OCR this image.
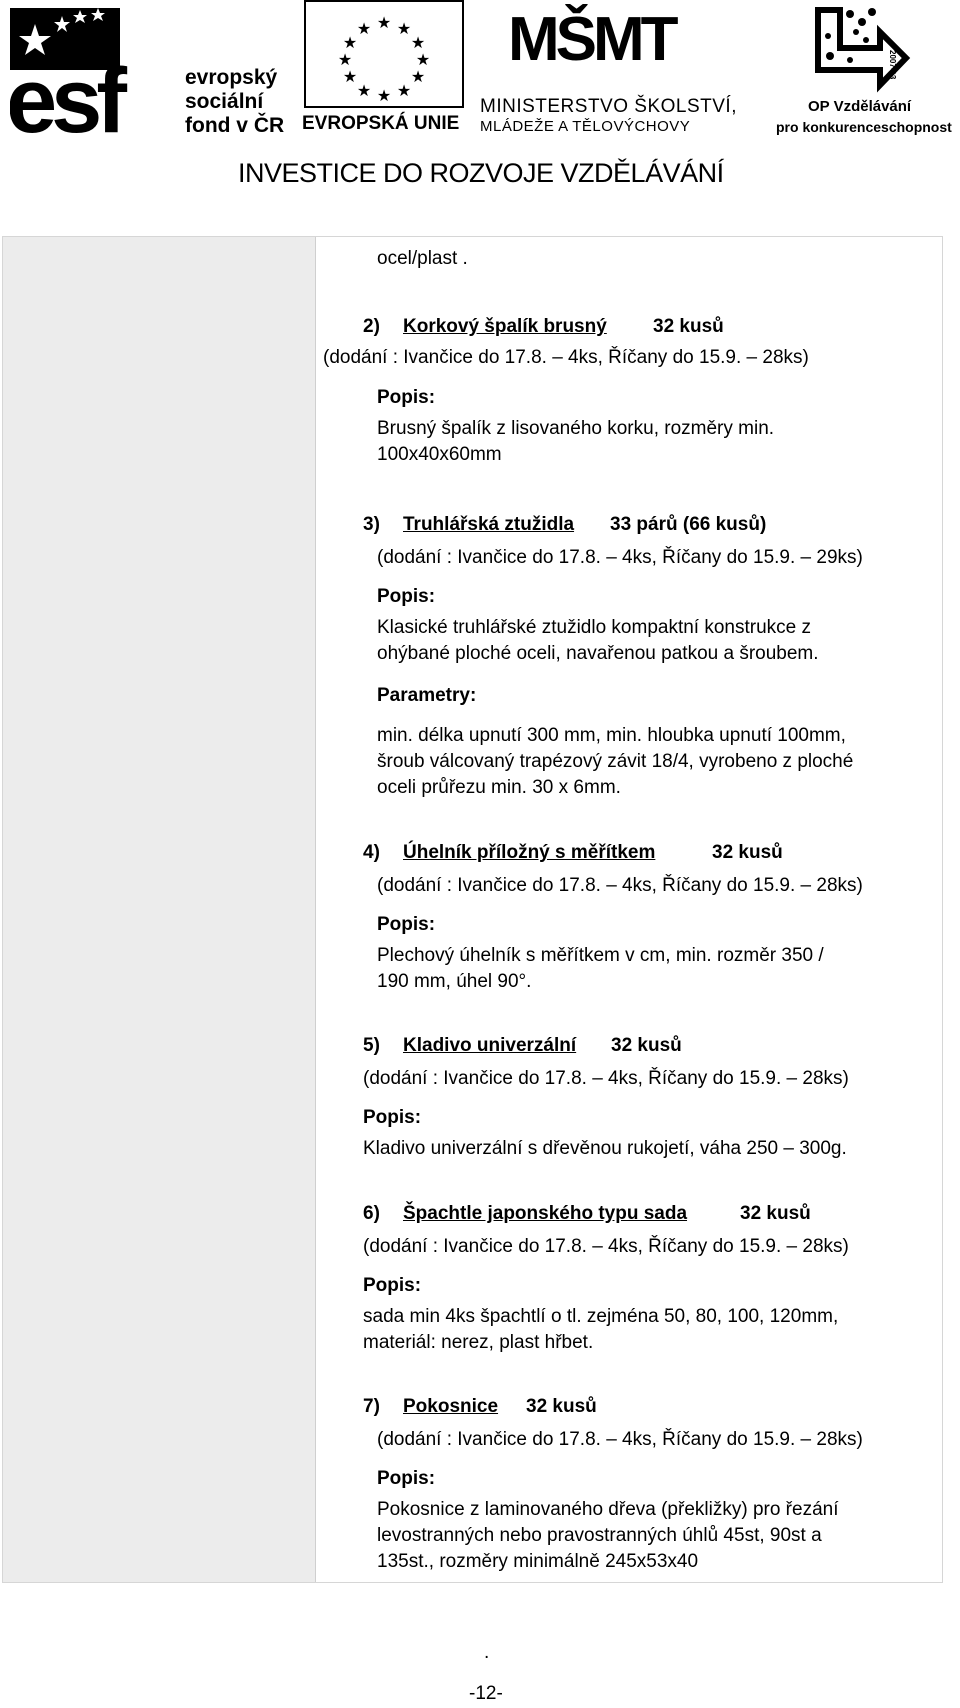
esf	evropský
sociální
fond v ČR
★ ★
★
★
★
★
★
★
★
★
★
★
EVROPSKÁ UNIE
MŠMT
MINISTERSTVO ŠKOLSTVÍ,
MLÁDEŽE A TĚLOVÝCHOVY
2007-13
OP Vzdělávání
pro konkurenceschopnost
INVESTICE DO ROZVOJE VZDĚLÁVÁNÍ
ocel/plast .
2) Korkový špalík brusný 32 kusů
(dodání : Ivančice do 17.8. – 4ks, Říčany do 15.9. – 28ks)
Popis:
Brusný špalík z lisovaného korku, rozměry min.
100x40x60mm
3) Truhlářská ztužidla 33 párů (66 kusů)
(dodání : Ivančice do 17.8. – 4ks, Říčany do 15.9. – 29ks)
Popis:
Klasické truhlářské ztužidlo kompaktní konstrukce z
ohýbané ploché oceli, navařenou patkou a šroubem.
Parametry:
min. délka upnutí 300 mm, min. hloubka upnutí 100mm,
šroub válcovaný trapézový závit 18/4, vyrobeno z ploché
oceli průřezu min. 30 x 6mm.
4) Úhelník příložný s měřítkem	32 kusů
(dodání : Ivančice do 17.8. – 4ks, Říčany do 15.9. – 28ks)
Popis:
Plechový úhelník s měřítkem v cm, min. rozměr 350 /
190 mm, úhel 90°.
5) Kladivo univerzální 32 kusů
(dodání : Ivančice do 17.8. – 4ks, Říčany do 15.9. – 28ks)
Popis:
Kladivo univerzální s dřevěnou rukojetí, váha 250 – 300g.
6) Špachtle japonského typu sada	32 kusů
(dodání : Ivančice do 17.8. – 4ks, Říčany do 15.9. – 28ks)
Popis:
sada min 4ks špachtlí o tl. zejména 50, 80, 100, 120mm,
materiál: nerez, plast hřbet.
7) Pokosnice 32 kusů
(dodání : Ivančice do 17.8. – 4ks, Říčany do 15.9. – 28ks)
Popis:
Pokosnice z laminovaného dřeva (překližky) pro řezání
levostranných nebo pravostranných úhlů 45st, 90st a
135st., rozměry minimálně 245x53x40
.
-12-
